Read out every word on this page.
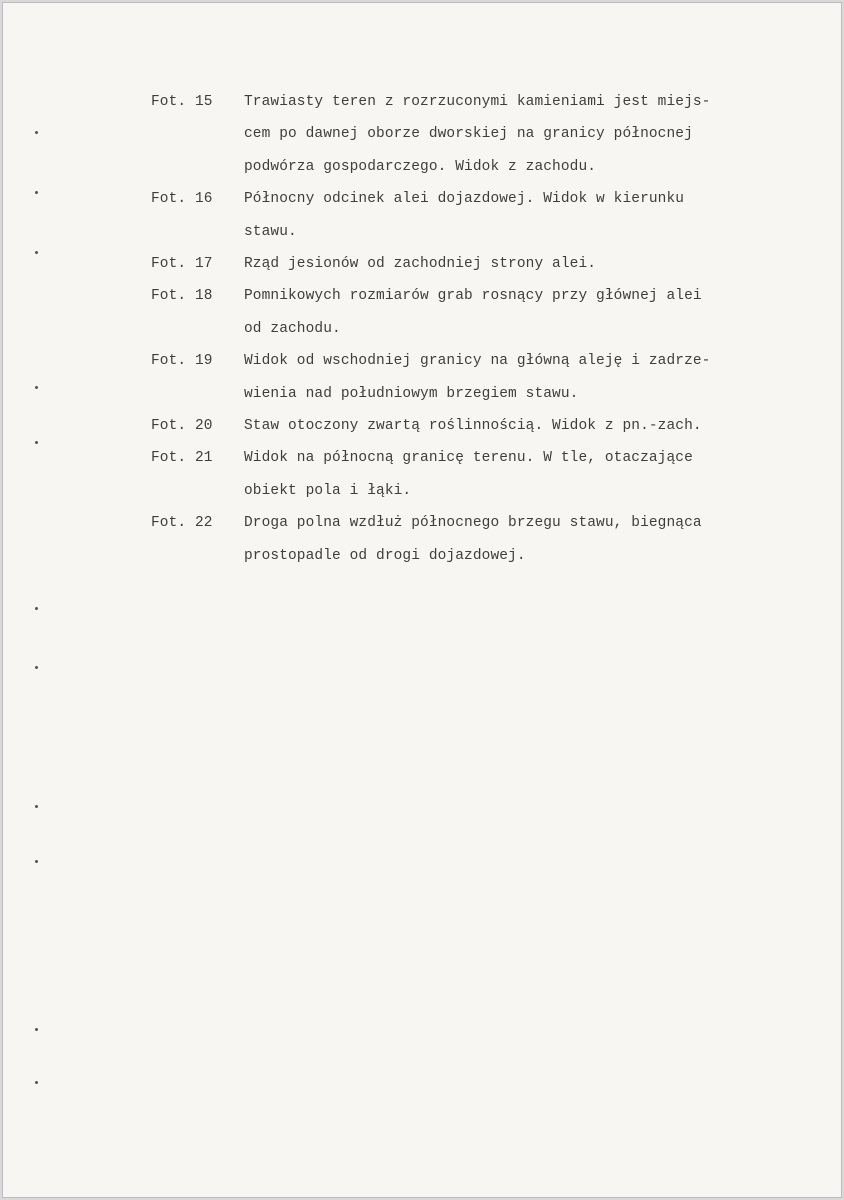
Fot. 15	Trawiasty teren z rozrzuconymi kamieniami jest miejs-
cem po dawnej oborze dworskiej na granicy północnej
podwórza gospodarczego. Widok z zachodu.
Fot. 16	Północny odcinek alei dojazdowej. Widok w kierunku
stawu.
Fot. 17	Rząd jesionów od zachodniej strony alei.
Fot. 18	Pomnikowych rozmiarów grab rosnący przy głównej alei
od zachodu.
Fot. 19	Widok od wschodniej granicy na główną aleję i zadrze-
wienia nad południowym brzegiem stawu.
Fot. 20	Staw otoczony zwartą roślinnością. Widok z pn.-zach.
Fot. 21	Widok na północną granicę terenu. W tle, otaczające
obiekt pola i łąki.
Fot. 22	Droga polna wzdłuż północnego brzegu stawu, biegnąca
prostopadle od drogi dojazdowej.
